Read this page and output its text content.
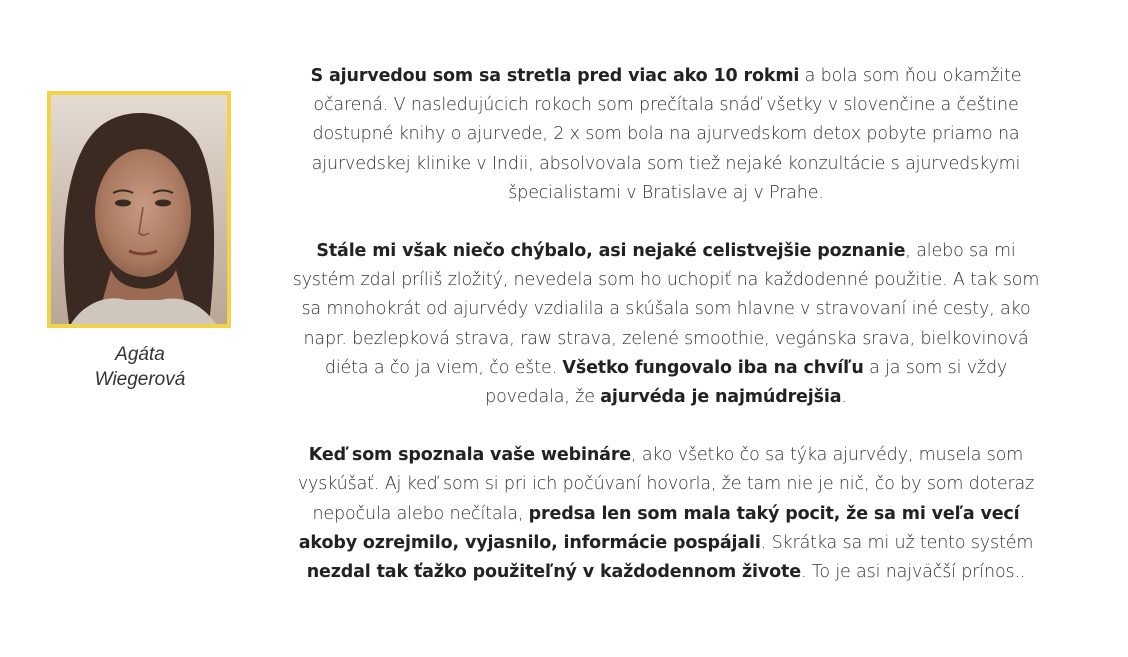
Agáta
Wiegerová

S ajurvedou som sa stretla pred viac ako 10 rokmi a bola som ňou okamžite očarená. V nasledujúcich rokoch som prečítala snáď všetky v slovenčine a češtine dostupné knihy o ajurvede, 2 x som bola na ajurvedskom detox pobyte priamo na ajurvedskej klinike v Indii, absolvovala som tiež nejaké konzultácie s ajurvedskymi špecialistami v Bratislave aj v Prahe.

Stále mi však niečo chýbalo, asi nejaké celistvejšie poznanie, alebo sa mi systém zdal príliš zložitý, nevedela som ho uchopiť na každodenné použitie. A tak som sa mnohokrát od ajurvédy vzdialila a skúšala som hlavne v stravovaní iné cesty, ako napr. bezlepková strava, raw strava, zelené smoothie, vegánska srava, bielkovinová diéta a čo ja viem, čo ešte. Všetko fungovalo iba na chvíľu a ja som si vždy povedala, že ajurvéda je najmúdrejšia.

Keď som spoznala vaše webináre, ako všetko čo sa týka ajurvédy, musela som vyskúšať. Aj keď som si pri ich počúvaní hovorla, že tam nie je nič, čo by som doteraz nepočula alebo nečítala, predsa len som mala taký pocit, že sa mi veľa vecí akoby ozrejmilo, vyjasnilo, informácie pospájali. Skrátka sa mi už tento systém nezdal tak ťažko použiteľný v každodennom živote. To je asi najväčší prínos..
